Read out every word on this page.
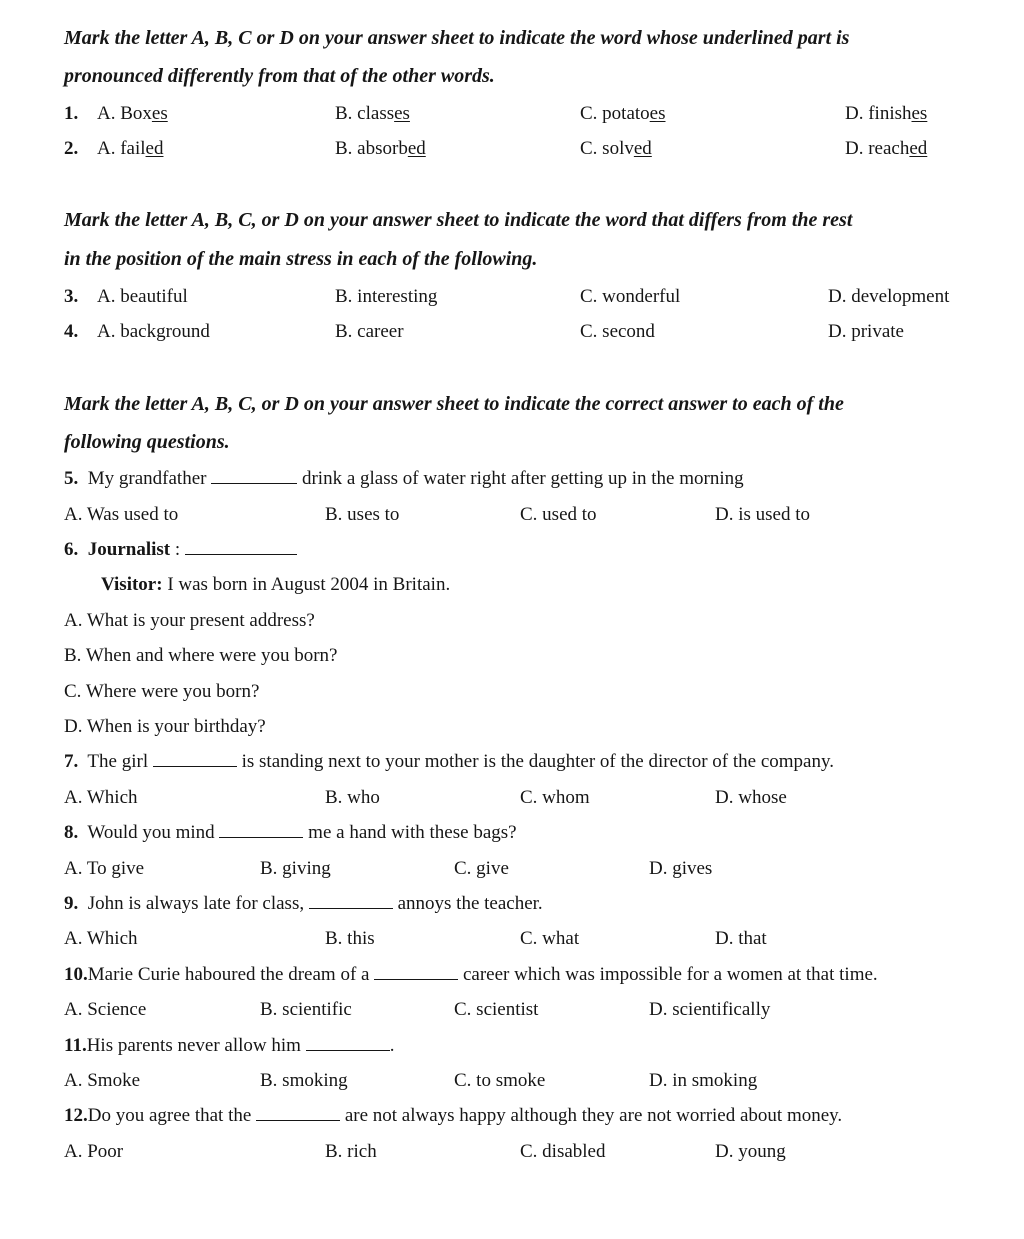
Mark the letter A, B, C or D on your answer sheet to indicate the word whose underlined part is
pronounced differently from that of the other words.
1. A. Boxes	B. classes	C. potatoes	D. finishes
2. A. failed	B. absorbed	C. solved	D. reached
Mark the letter A, B, C, or D on your answer sheet to indicate the word that differs from the rest
in the position of the main stress in each of the following.
3. A. beautiful	B. interesting	C. wonderful	D. development
4. A. background	B. career	C. second	D. private
Mark the letter A, B, C, or D on your answer sheet to indicate the correct answer to each of the
following questions.
5. My grandfather	drink a glass of water right after getting up in the morning
A. Was used to	B. uses to	C. used to	D. is used to
6. Journalist :
Visitor: I was born in August 2004 in Britain.
A. What is your present address?
B. When and where were you born?
C. Where were you born?
D. When is your birthday?
7. The girl	is standing next to your mother is the daughter of the director of the company.
A. Which	B. who	C. whom	D. whose
8. Would you mind	me a hand with these bags?
A. To give	B. giving	C. give	D. gives
9. John is always late for class,	annoys the teacher.
A. Which	B. this	C. what	D. that
10.Marie Curie haboured the dream of a	career which was impossible for a women at that time.
A. Science	B. scientific	C. scientist	D. scientifically
11.His parents never allow him	.
A. Smoke	B. smoking	C. to smoke	D. in smoking
12.Do you agree that the	are not always happy although they are not worried about money.
A. Poor	B. rich	C. disabled	D. young
